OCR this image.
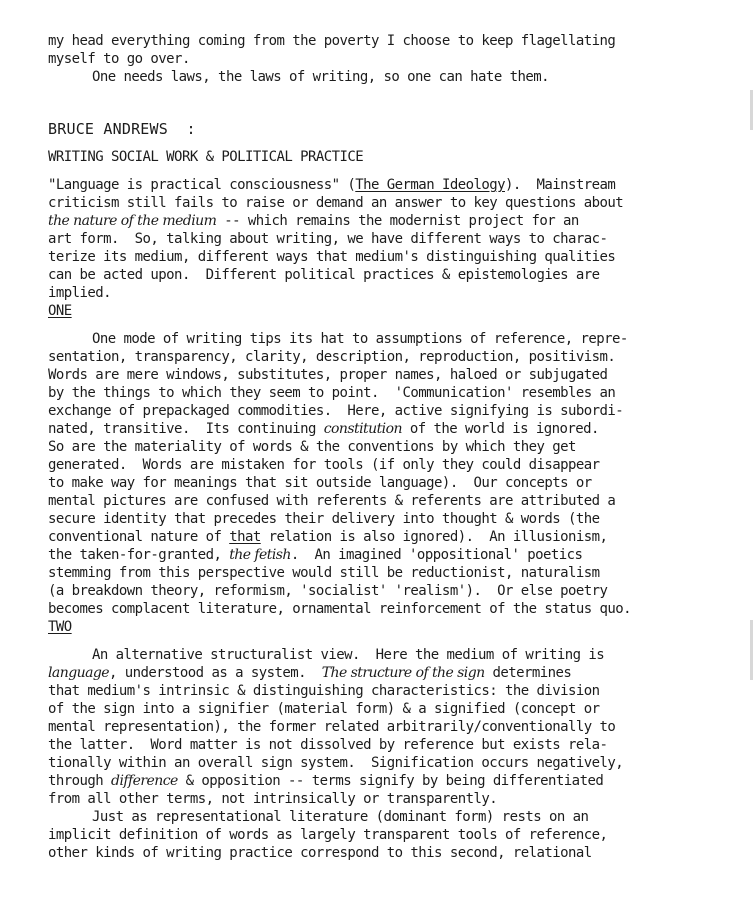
my head everything coming from the poverty I choose to keep flagellating
myself to go over.
One needs laws, the laws of writing, so one can hate them.
BRUCE ANDREWS  :
WRITING SOCIAL WORK & POLITICAL PRACTICE
"Language is practical consciousness" (The German Ideology).  Mainstream
criticism still fails to raise or demand an answer to key questions about
the nature of the medium -- which remains the modernist project for an
art form.  So, talking about writing, we have different ways to charac-
terize its medium, different ways that medium's distinguishing qualities
can be acted upon.  Different political practices & epistemologies are
implied.
ONE
One mode of writing tips its hat to assumptions of reference, repre-
sentation, transparency, clarity, description, reproduction, positivism.
Words are mere windows, substitutes, proper names, haloed or subjugated
by the things to which they seem to point.  'Communication' resembles an
exchange of prepackaged commodities.  Here, active signifying is subordi-
nated, transitive.  Its continuing constitution of the world is ignored.
So are the materiality of words & the conventions by which they get
generated.  Words are mistaken for tools (if only they could disappear
to make way for meanings that sit outside language).  Our concepts or
mental pictures are confused with referents & referents are attributed a
secure identity that precedes their delivery into thought & words (the
conventional nature of that relation is also ignored).  An illusionism,
the taken-for-granted, the fetish.  An imagined 'oppositional' poetics
stemming from this perspective would still be reductionist, naturalism
(a breakdown theory, reformism, 'socialist' 'realism').  Or else poetry
becomes complacent literature, ornamental reinforcement of the status quo.
TWO
An alternative structuralist view.  Here the medium of writing is
language, understood as a system.  The structure of the sign determines
that medium's intrinsic & distinguishing characteristics: the division
of the sign into a signifier (material form) & a signified (concept or
mental representation), the former related arbitrarily/conventionally to
the latter.  Word matter is not dissolved by reference but exists rela-
tionally within an overall sign system.  Signification occurs negatively,
through difference & opposition -- terms signify by being differentiated
from all other terms, not intrinsically or transparently.
Just as representational literature (dominant form) rests on an
implicit definition of words as largely transparent tools of reference,
other kinds of writing practice correspond to this second, relational
